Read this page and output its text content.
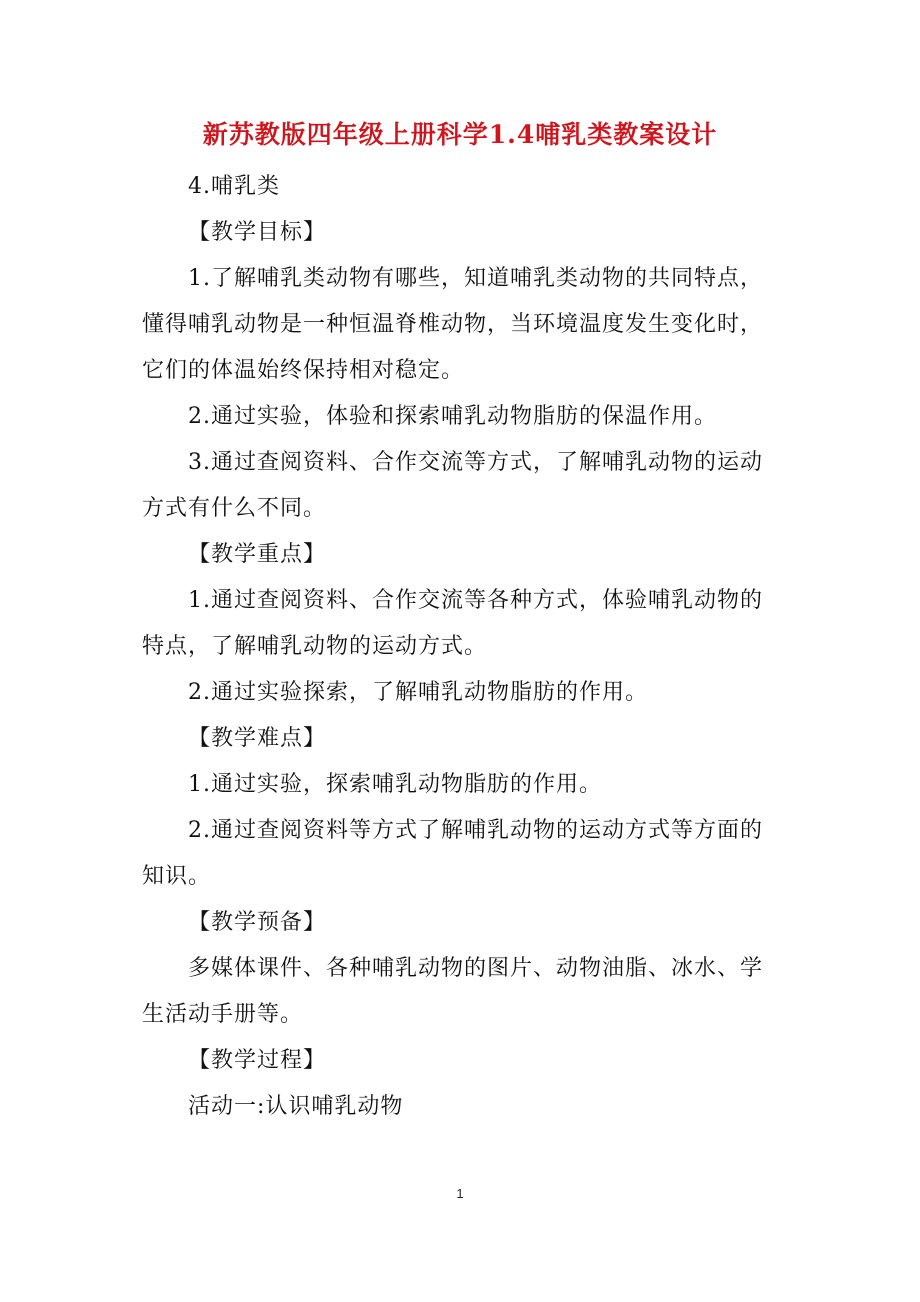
新苏教版四年级上册科学1.4哺乳类教案设计

4.哺乳类

【教学目标】

1.了解哺乳类动物有哪些，知道哺乳类动物的共同特点，懂得哺乳动物是一种恒温脊椎动物，当环境温度发生变化时，它们的体温始终保持相对稳定。

2.通过实验，体验和探索哺乳动物脂肪的保温作用。

3.通过查阅资料、合作交流等方式，了解哺乳动物的运动方式有什么不同。

【教学重点】

1.通过查阅资料、合作交流等各种方式，体验哺乳动物的特点，了解哺乳动物的运动方式。

2.通过实验探索，了解哺乳动物脂肪的作用。

【教学难点】

1.通过实验，探索哺乳动物脂肪的作用。

2.通过查阅资料等方式了解哺乳动物的运动方式等方面的知识。

【教学预备】

多媒体课件、各种哺乳动物的图片、动物油脂、冰水、学生活动手册等。

【教学过程】

活动一:认识哺乳动物

1
